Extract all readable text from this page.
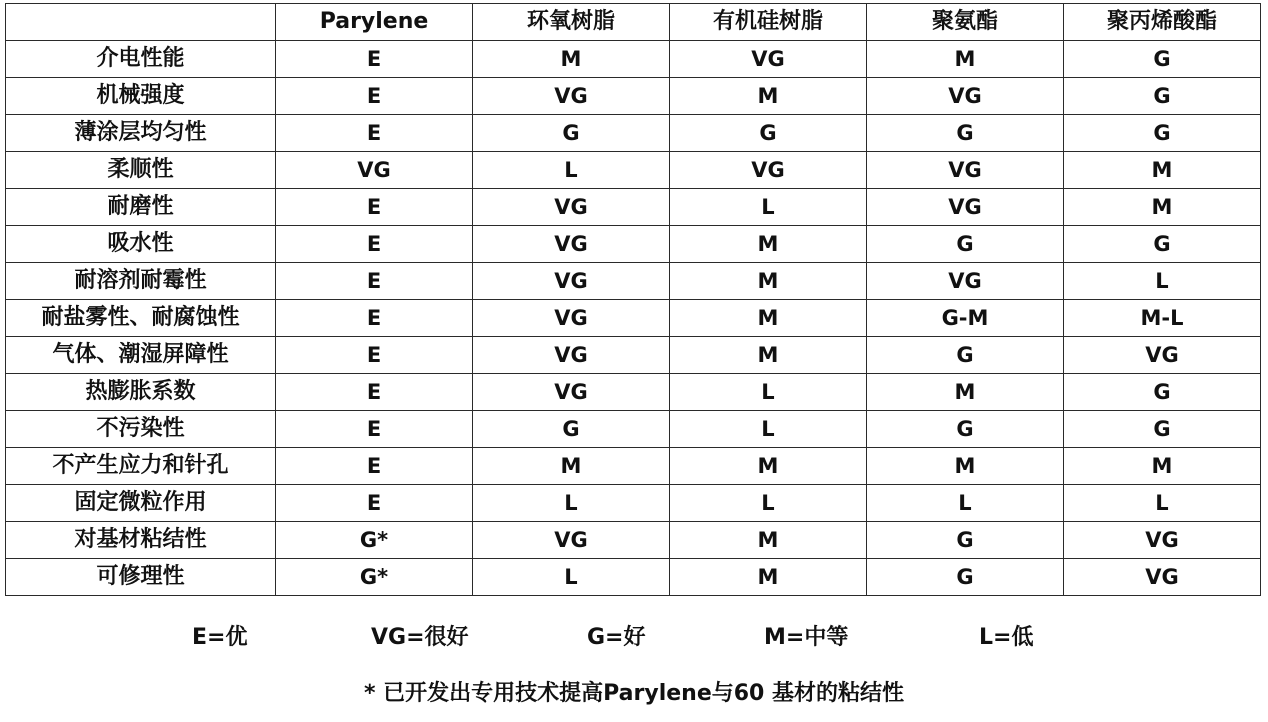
	Parylene	环氧树脂	有机硅树脂	聚氨酯	聚丙烯酸酯
介电性能	E	M	VG	M	G
机械强度	E	VG	M	VG	G
薄涂层均匀性	E	G	G	G	G
柔顺性	VG	L	VG	VG	M
耐磨性	E	VG	L	VG	M
吸水性	E	VG	M	G	G
耐溶剂耐霉性	E	VG	M	VG	L
耐盐雾性、耐腐蚀性	E	VG	M	G-M	M-L
气体、潮湿屏障性	E	VG	M	G	VG
热膨胀系数	E	VG	L	M	G
不污染性	E	G	L	G	G
不产生应力和针孔	E	M	M	M	M
固定微粒作用	E	L	L	L	L
对基材粘结性	G*	VG	M	G	VG
可修理性	G*	L	M	G	VG
E=优	VG=很好	G=好	M=中等	L=低
* 已开发出专用技术提高Parylene与60 基材的粘结性
